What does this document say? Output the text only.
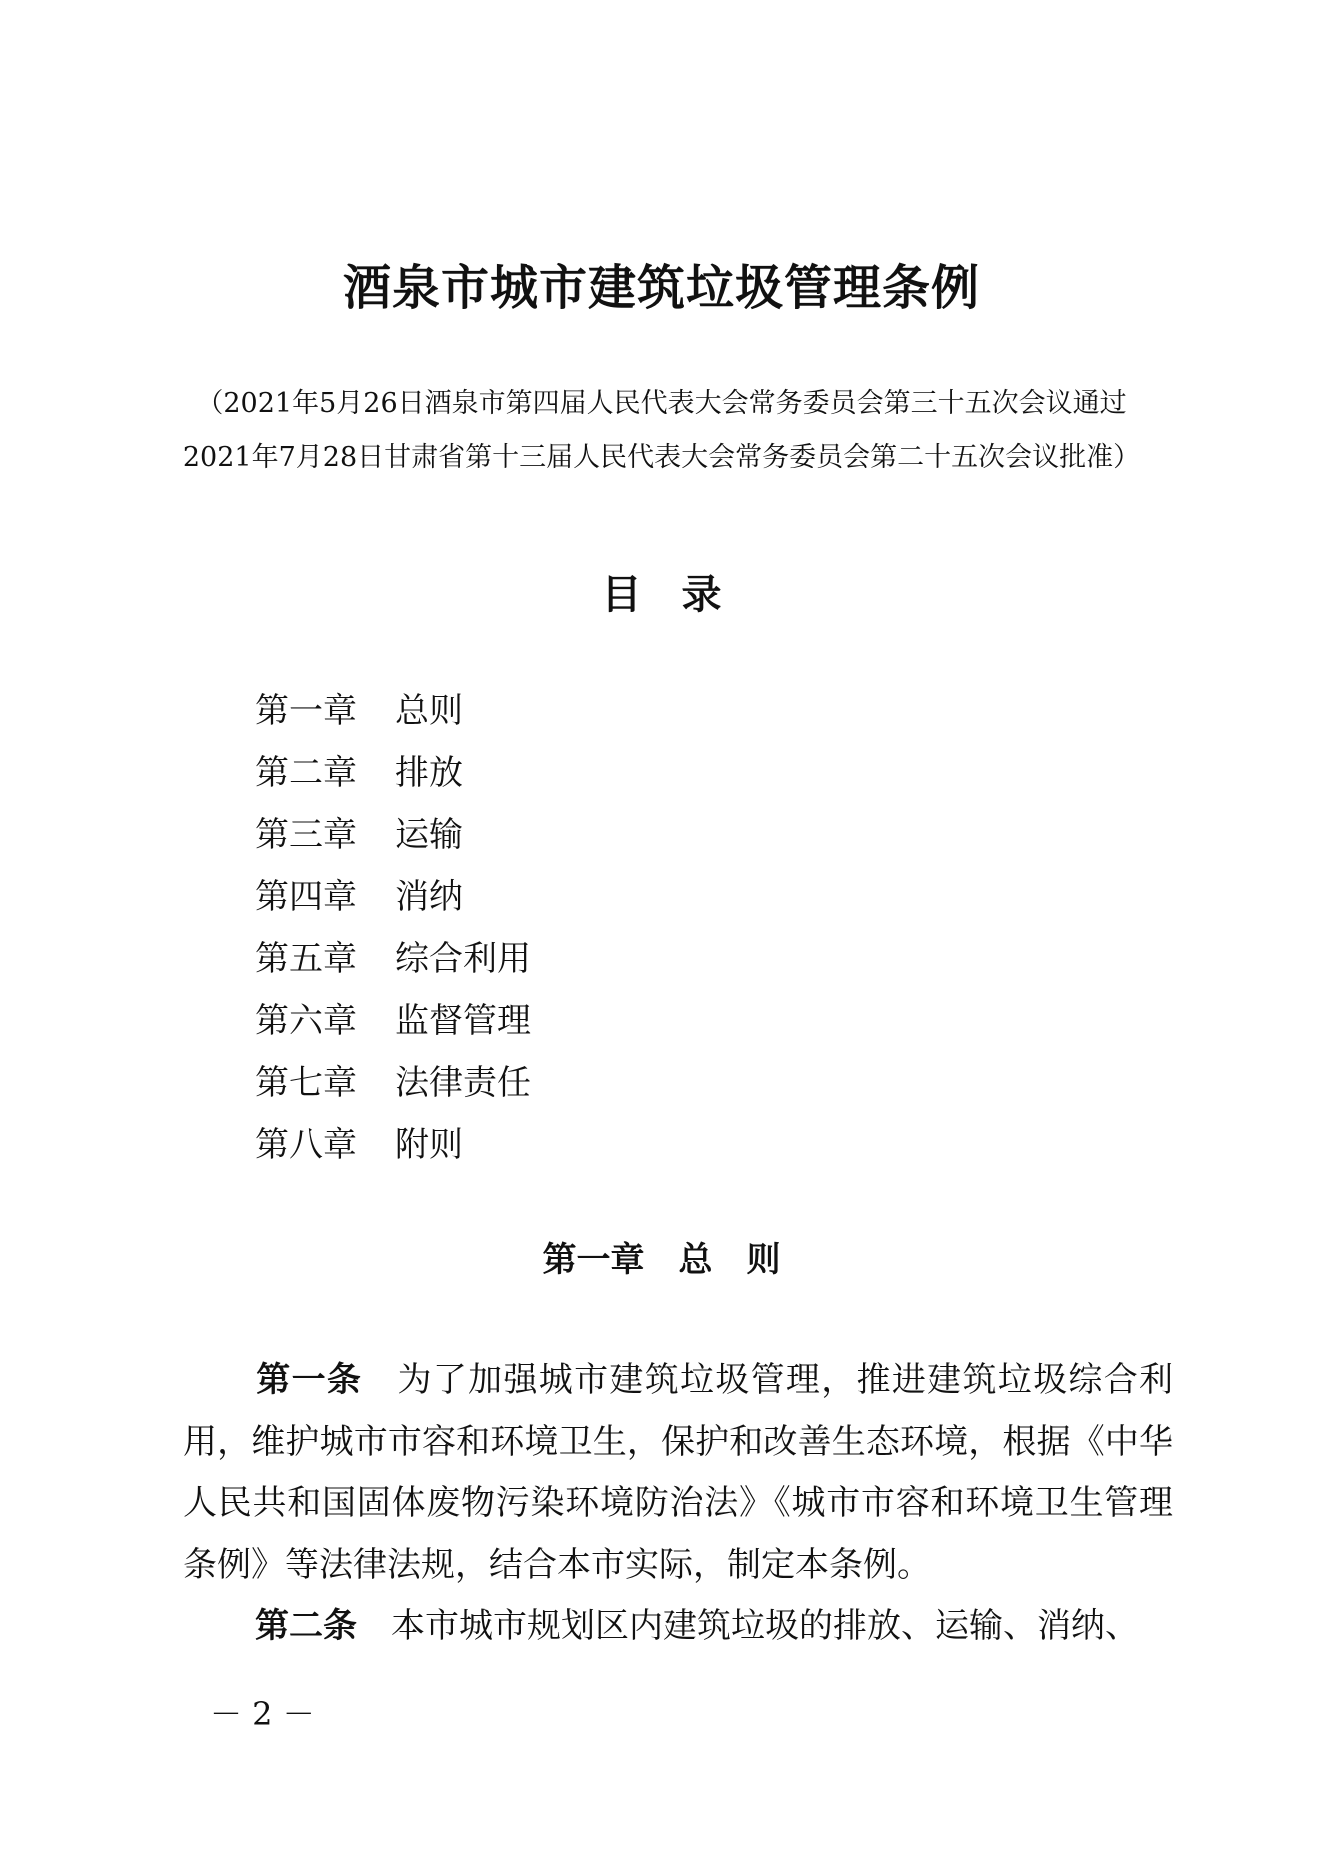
酒泉市城市建筑垃圾管理条例
（2021年5月26日酒泉市第四届人民代表大会常务委员会第三十五次会议通过
2021年7月28日甘肃省第十三届人民代表大会常务委员会第二十五次会议批准）
目　录
第一章	总则
第二章	排放
第三章	运输
第四章	消纳
第五章	综合利用
第六章	监督管理
第七章	法律责任
第八章	附则
第一章　总　则
第一条 为了加强城市建筑垃圾管理，推进建筑垃圾综合利用，维护城市市容和环境卫生，保护和改善生态环境，根据《中华人民共和国固体废物污染环境防治法》《城市市容和环境卫生管理条例》等法律法规，结合本市实际，制定本条例。
第二条 本市城市规划区内建筑垃圾的排放、运输、消纳、
－ 2 －
